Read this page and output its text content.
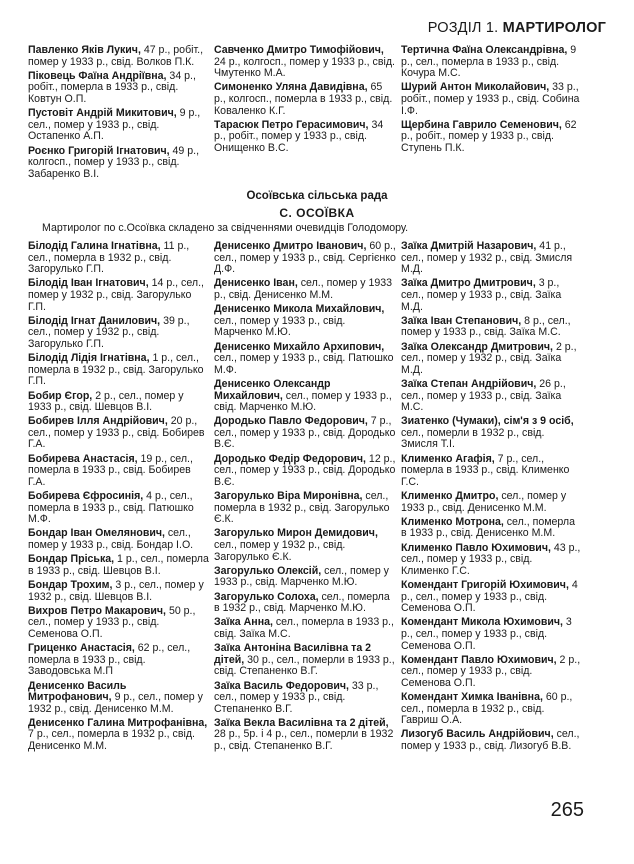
РОЗДІЛ 1. МАРТИРОЛОГ
Павленко Яків Лукич, 47 р., робіт., помер у 1933 р., свід. Волков П.К.
Піковець Фаїна Андріївна, 34 р., робіт., померла в 1933 р., свід. Ковтун О.П.
Пустовіт Андрій Микитович, 9 р., сел., помер у 1933 р., свід. Остапенко А.П.
Роєнко Григорій Ігнатович, 49 р., колгосп., помер у 1933 р., свід. Забаренко В.І.
Савченко Дмитро Тимофійович, 24 р., колгосп., помер у 1933 р., свід. Чмутенко М.А.
Симоненко Уляна Давидівна, 65 р., колгосп., померла в 1933 р., свід. Коваленко К.Г.
Тарасюк Петро Герасимович, 34 р., робіт., помер у 1933 р., свід. Онищенко В.С.
Тертична Фаїна Олександрівна, 9 р., сел., померла в 1933 р., свід. Кочура М.С.
Шурий Антон Миколайович, 33 р., робіт., помер у 1933 р., свід. Собина І.Ф.
Щербина Гаврило Семенович, 62 р., робіт., помер у 1933 р., свід. Ступень П.К.
Осоївська сільська рада
С. ОСОЇВКА
Мартиролог по с.Осоївка складено за свідченнями очевидців Голодомору.
Білодід Галина Ігнатівна, 11 р., сел., померла в 1932 р., свід. Загорулько Г.П.
Білодід Іван Ігнатович, 14 р., сел., помер у 1932 р., свід. Загорулько Г.П.
Білодід Ігнат Данилович, 39 р., сел., помер у 1932 р., свід. Загорулько Г.П.
Білодід Лідія Ігнатівна, 1 р., сел., померла в 1932 р., свід. Загорулько Г.П.
Бобир Єгор, 2 р., сел., помер у 1933 р., свід. Шевцов В.І.
Бобирев Ілля Андрійович, 20 р., сел., помер у 1933 р., свід. Бобирев Г.А.
Бобирева Анастасія, 19 р., сел., померла в 1933 р., свід. Бобирев Г.А.
Бобирева Єфросинія, 4 р., сел., померла в 1933 р., свід. Патюшко М.Ф.
Бондар Іван Омелянович, сел., помер у 1933 р., свід. Бондар І.О.
Бондар Пріська, 1 р., сел., померла в 1933 р., свід. Шевцов В.І.
Бондар Трохим, 3 р., сел., помер у 1932 р., свід. Шевцов В.І.
Вихров Петро Макарович, 50 р., сел., помер у 1933 р., свід. Семенова О.П.
Гриценко Анастасія, 62 р., сел., померла в 1933 р., свід. Заводовська М.П
Денисенко Василь Митрофанович, 9 р., сел., помер у 1932 р., свід. Денисенко М.М.
Денисенко Галина Митрофанівна, 7 р., сел., померла в 1932 р., свід. Денисенко М.М.
Денисенко Дмитро Іванович, 60 р., сел., помер у 1933 р., свід. Сергієнко Д.Ф.
Денисенко Іван, сел., помер у 1933 р., свід. Денисенко М.М.
Денисенко Микола Михайлович, сел., помер у 1933 р., свід. Марченко М.Ю.
Денисенко Михайло Архипович, сел., помер у 1933 р., свід. Патюшко М.Ф.
Денисенко Олександр Михайлович, сел., помер у 1933 р., свід. Марченко М.Ю.
Дородько Павло Федорович, 7 р., сел., помер у 1933 р., свід. Дородько В.Є.
Дородько Федір Федорович, 12 р., сел., помер у 1933 р., свід. Дородько В.Є.
Загорулько Віра Миронівна, сел., померла в 1932 р., свід. Загорулько Є.К.
Загорулько Мирон Демидович, сел., помер у 1932 р., свід. Загорулько Є.К.
Загорулько Олексій, сел., помер у 1933 р., свід. Марченко М.Ю.
Загорулько Солоха, сел., померла в 1932 р., свід. Марченко М.Ю.
Заїка Анна, сел., померла в 1933 р., свід. Заїка М.С.
Заїка Антоніна Василівна та 2 дітей, 30 р., сел., померли в 1933 р., свід. Степаненко В.Г.
Заїка Василь Федорович, 33 р., сел., помер у 1933 р., свід. Степаненко В.Г.
Заїка Векла Василівна та 2 дітей, 28 р., 5р. і 4 р., сел., померли в 1932 р., свід. Степаненко В.Г.
Заїка Дмитрій Назарович, 41 р., сел., помер у 1932 р., свід. Змисля М.Д.
Заїка Дмитро Дмитрович, 3 р., сел., помер у 1933 р., свід. Заїка М.Д.
Заїка Іван Степанович, 8 р., сел., помер у 1933 р., свід. Заїка М.С.
Заїка Олександр Дмитрович, 2 р., сел., помер у 1932 р., свід. Заїка М.Д.
Заїка Степан Андрійович, 26 р., сел., помер у 1933 р., свід. Заїка М.С.
Зиатенко (Чумаки), сім'я з 9 осіб, сел., померли в 1932 р., свід. Змисля Т.І.
Клименко Агафія, 7 р., сел., померла в 1933 р., свід. Клименко Г.С.
Клименко Дмитро, сел., помер у 1933 р., свід. Денисенко М.М.
Клименко Мотрона, сел., померла в 1933 р., свід. Денисенко М.М.
Клименко Павло Юхимович, 43 р., сел., помер у 1933 р., свід. Клименко Г.С.
Комендант Григорій Юхимович, 4 р., сел., помер у 1933 р., свід. Семенова О.П.
Комендант Микола Юхимович, 3 р., сел., помер у 1933 р., свід. Семенова О.П.
Комендант Павло Юхимович, 2 р., сел., помер у 1933 р., свід. Семенова О.П.
Комендант Химка Іванівна, 60 р., сел., померла в 1932 р., свід. Гавриш О.А.
Лизогуб Василь Андрійович, сел., помер у 1933 р., свід. Лизогуб В.В.
265
